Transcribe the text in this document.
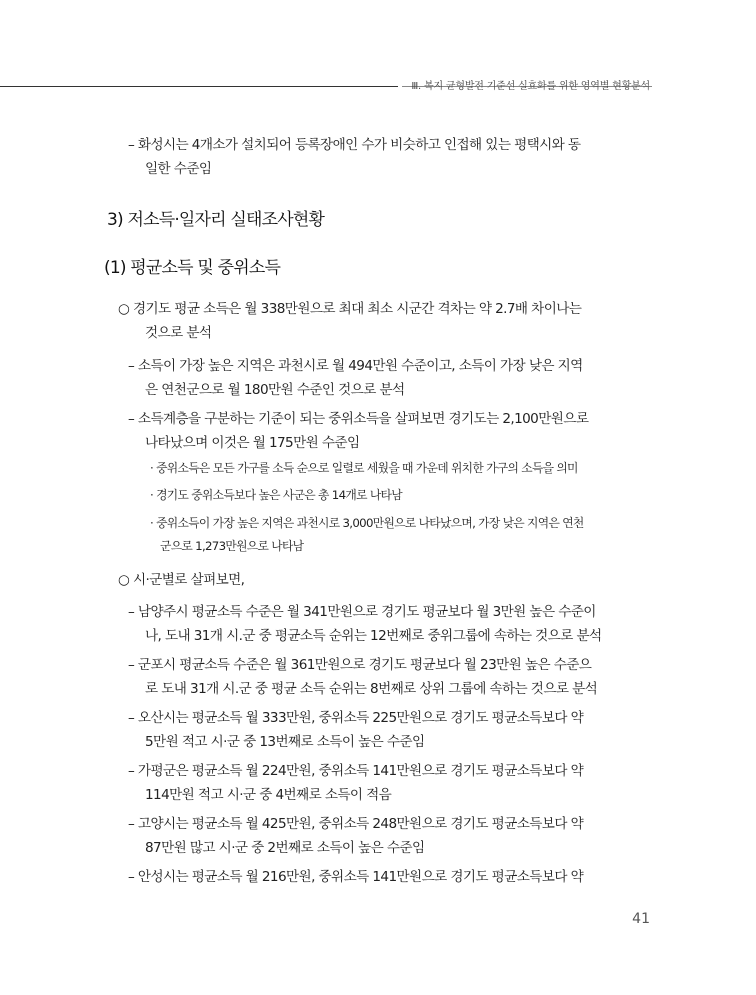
Ⅲ. 복지 균형발전 기준선 실효화를 위한 영역별 현황분석
– 화성시는 4개소가 설치되어 등록장애인 수가 비슷하고 인접해 있는 평택시와 동
일한 수준임
3) 저소득·일자리 실태조사현황
(1) 평균소득 및 중위소득
○ 경기도 평균 소득은 월 338만원으로 최대 최소 시군간 격차는 약 2.7배 차이나는
것으로 분석
– 소득이 가장 높은 지역은 과천시로 월 494만원 수준이고, 소득이 가장 낮은 지역
은 연천군으로 월 180만원 수준인 것으로 분석
– 소득계층을 구분하는 기준이 되는 중위소득을 살펴보면 경기도는 2,100만원으로
나타났으며 이것은 월 175만원 수준임
· 중위소득은 모든 가구를 소득 순으로 일렬로 세웠을 때 가운데 위치한 가구의 소득을 의미
· 경기도 중위소득보다 높은 사군은 총 14개로 나타남
· 중위소득이 가장 높은 지역은 과천시로 3,000만원으로 나타났으며, 가장 낮은 지역은 연천
군으로 1,273만원으로 나타남
○ 시·군별로 살펴보면,
– 남양주시 평균소득 수준은 월 341만원으로 경기도 평균보다 월 3만원 높은 수준이
나, 도내 31개 시.군 중 평균소득 순위는 12번째로 중위그룹에 속하는 것으로 분석
– 군포시 평균소득 수준은 월 361만원으로 경기도 평균보다 월 23만원 높은 수준으
로 도내 31개 시.군 중 평균 소득 순위는 8번째로 상위 그룹에 속하는 것으로 분석
– 오산시는 평균소득 월 333만원, 중위소득 225만원으로 경기도 평균소득보다 약
5만원 적고 시·군 중 13번째로 소득이 높은 수준임
– 가평군은 평균소득 월 224만원, 중위소득 141만원으로 경기도 평균소득보다 약
114만원 적고 시·군 중 4번째로 소득이 적음
– 고양시는 평균소득 월 425만원, 중위소득 248만원으로 경기도 평균소득보다 약
87만원 많고 시·군 중 2번째로 소득이 높은 수준임
– 안성시는 평균소득 월 216만원, 중위소득 141만원으로 경기도 평균소득보다 약
41
